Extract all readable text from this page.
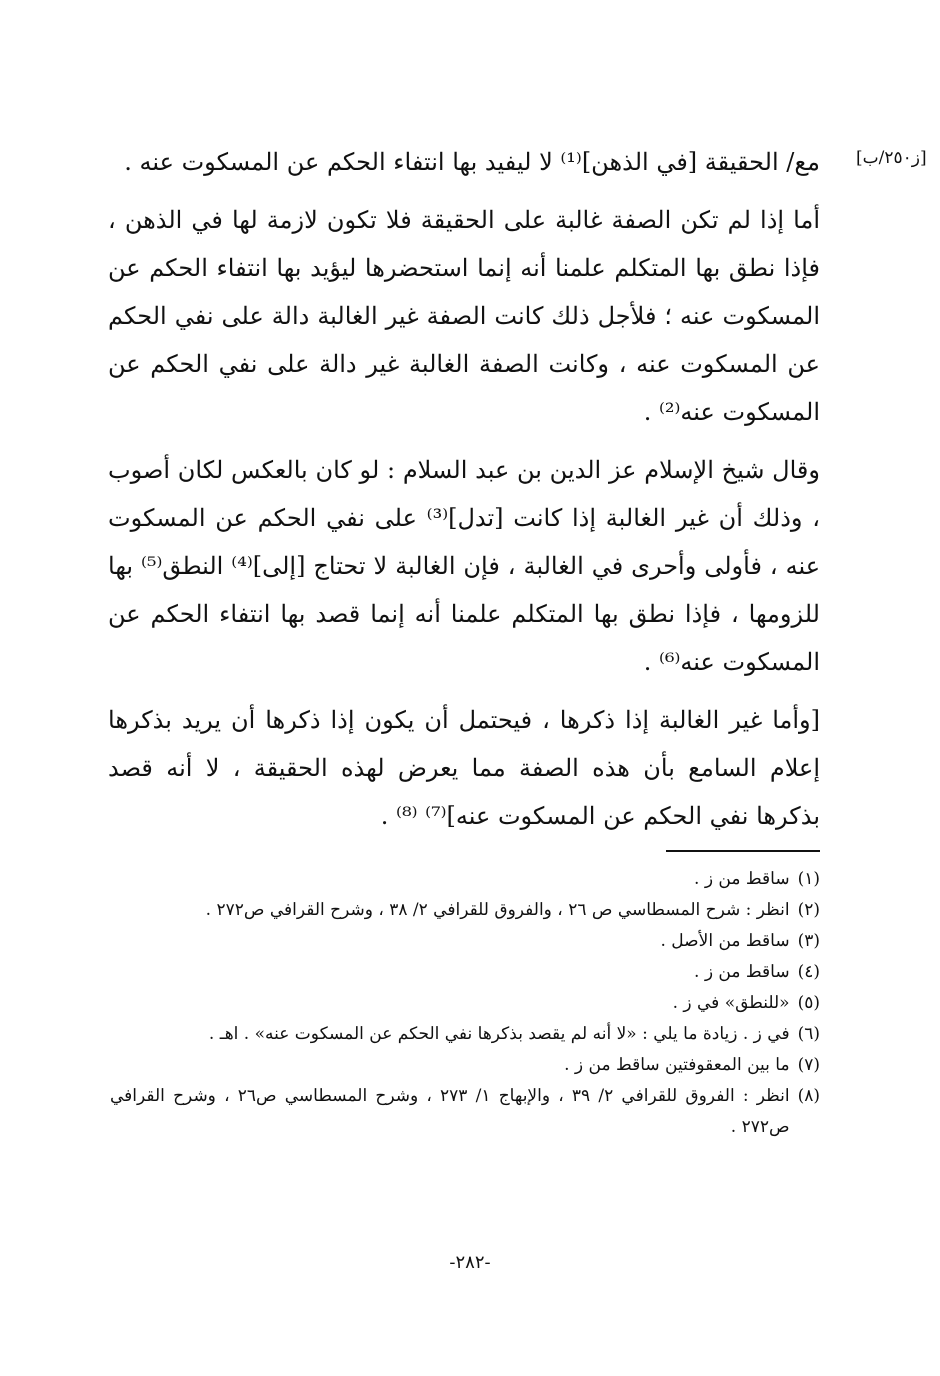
[ز٢٥٠/ب]

مع/ الحقيقة [في الذهن]⁽¹⁾ لا ليفيد بها انتفاء الحكم عن المسكوت عنه .

أما إذا لم تكن الصفة غالبة على الحقيقة فلا تكون لازمة لها في الذهن ، فإذا نطق بها المتكلم علمنا أنه إنما استحضرها ليؤيد بها انتفاء الحكم عن المسكوت عنه ؛ فلأجل ذلك كانت الصفة غير الغالبة دالة على نفي الحكم عن المسكوت عنه ، وكانت الصفة الغالبة غير دالة على نفي الحكم عن المسكوت عنه⁽²⁾ .

وقال شيخ الإسلام عز الدين بن عبد السلام : لو كان بالعكس لكان أصوب ، وذلك أن غير الغالبة إذا كانت [تدل]⁽³⁾ على نفي الحكم عن المسكوت عنه ، فأولى وأحرى في الغالبة ، فإن الغالبة لا تحتاج [إلى]⁽⁴⁾ النطق⁽⁵⁾ بها للزومها ، فإذا نطق بها المتكلم علمنا أنه إنما قصد بها انتفاء الحكم عن المسكوت عنه⁽⁶⁾ .

[وأما غير الغالبة إذا ذكرها ، فيحتمل أن يكون إذا ذكرها أن يريد بذكرها إعلام السامع بأن هذه الصفة مما يعرض لهذه الحقيقة ، لا أنه قصد بذكرها نفي الحكم عن المسكوت عنه]⁽⁷⁾ ⁽⁸⁾ .

(١)
ساقط من ز .
(٢)
انظر : شرح المسطاسي ص ٢٦ ، والفروق للقرافي ٢/ ٣٨ ، وشرح القرافي ص٢٧٢ .
(٣)
ساقط من الأصل .
(٤)
ساقط من ز .
(٥)
«للنطق» في ز .
(٦)
في ز . زيادة ما يلي : «لا أنه لم يقصد بذكرها نفي الحكم عن المسكوت عنه» . اهـ .
(٧)
ما بين المعقوفتين ساقط من ز .
(٨)
انظر : الفروق للقرافي ٢/ ٣٩ ، والإبهاج ١/ ٢٧٣ ، وشرح المسطاسي ص٢٦ ، وشرح القرافي ص٢٧٢ .
-٢٨٢-
